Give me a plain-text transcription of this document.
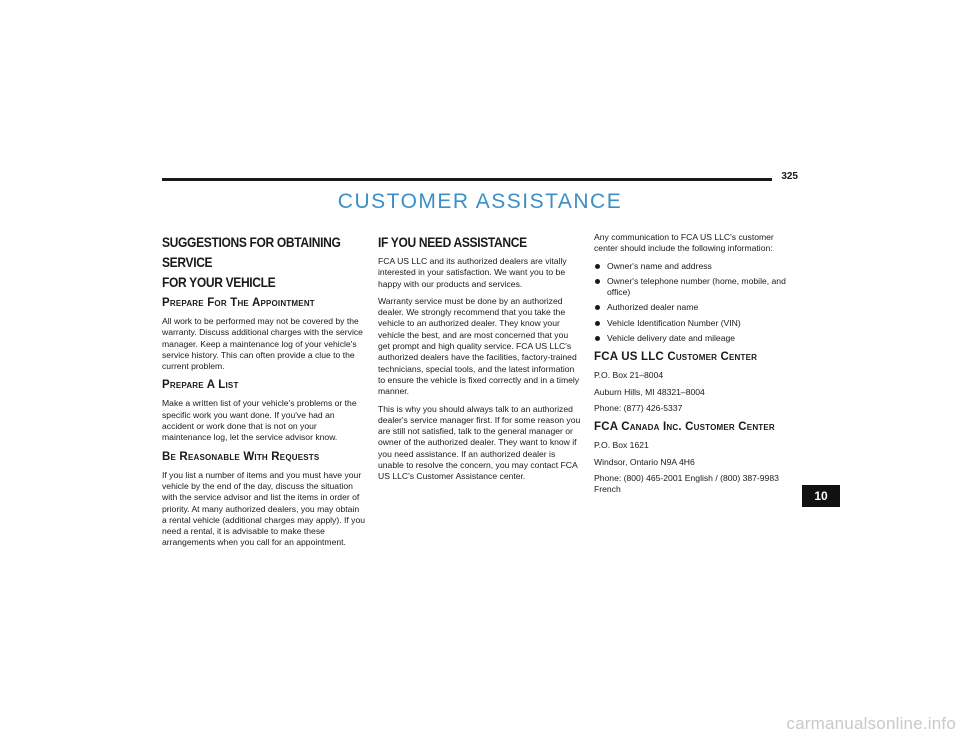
325
CUSTOMER ASSISTANCE
SUGGESTIONS FOR OBTAINING SERVICE
FOR YOUR VEHICLE
Prepare For The Appointment

All work to be performed may not be covered by the warranty. Discuss additional charges with the service manager. Keep a maintenance log of your vehicle's service history. This can often provide a clue to the current problem.

Prepare A List

Make a written list of your vehicle's problems or the specific work you want done. If you've had an accident or work done that is not on your maintenance log, let the service advisor know.

Be Reasonable With Requests

If you list a number of items and you must have your vehicle by the end of the day, discuss the situation with the service advisor and list the items in order of priority. At many authorized dealers, you may obtain a rental vehicle (additional charges may apply). If you need a rental, it is advisable to make these arrangements when you call for an appointment.

IF YOU NEED ASSISTANCE

FCA US LLC and its authorized dealers are vitally interested in your satisfaction. We want you to be happy with our products and services.

Warranty service must be done by an authorized dealer. We strongly recommend that you take the vehicle to an authorized dealer. They know your vehicle the best, and are most concerned that you get prompt and high quality service. FCA US LLC's authorized dealers have the facilities, factory-trained technicians, special tools, and the latest information to ensure the vehicle is fixed correctly and in a timely manner.

This is why you should always talk to an authorized dealer's service manager first. If for some reason you are still not satisfied, talk to the general manager or owner of the authorized dealer. They want to know if you need assistance. If an authorized dealer is unable to resolve the concern, you may contact FCA US LLC's Customer Assistance center.

Any communication to FCA US LLC's customer center should include the following information:

Owner's name and address
Owner's telephone number (home, mobile, and office)
Authorized dealer name
Vehicle Identification Number (VIN)
Vehicle delivery date and mileage
FCA US LLC Customer Center

P.O. Box 21–8004

Auburn Hills, MI 48321–8004

Phone: (877) 426-5337

FCA Canada Inc. Customer Center

P.O. Box 1621

Windsor, Ontario N9A 4H6

Phone: (800) 465-2001 English / (800) 387-9983 French	10
carmanualsonline.info
